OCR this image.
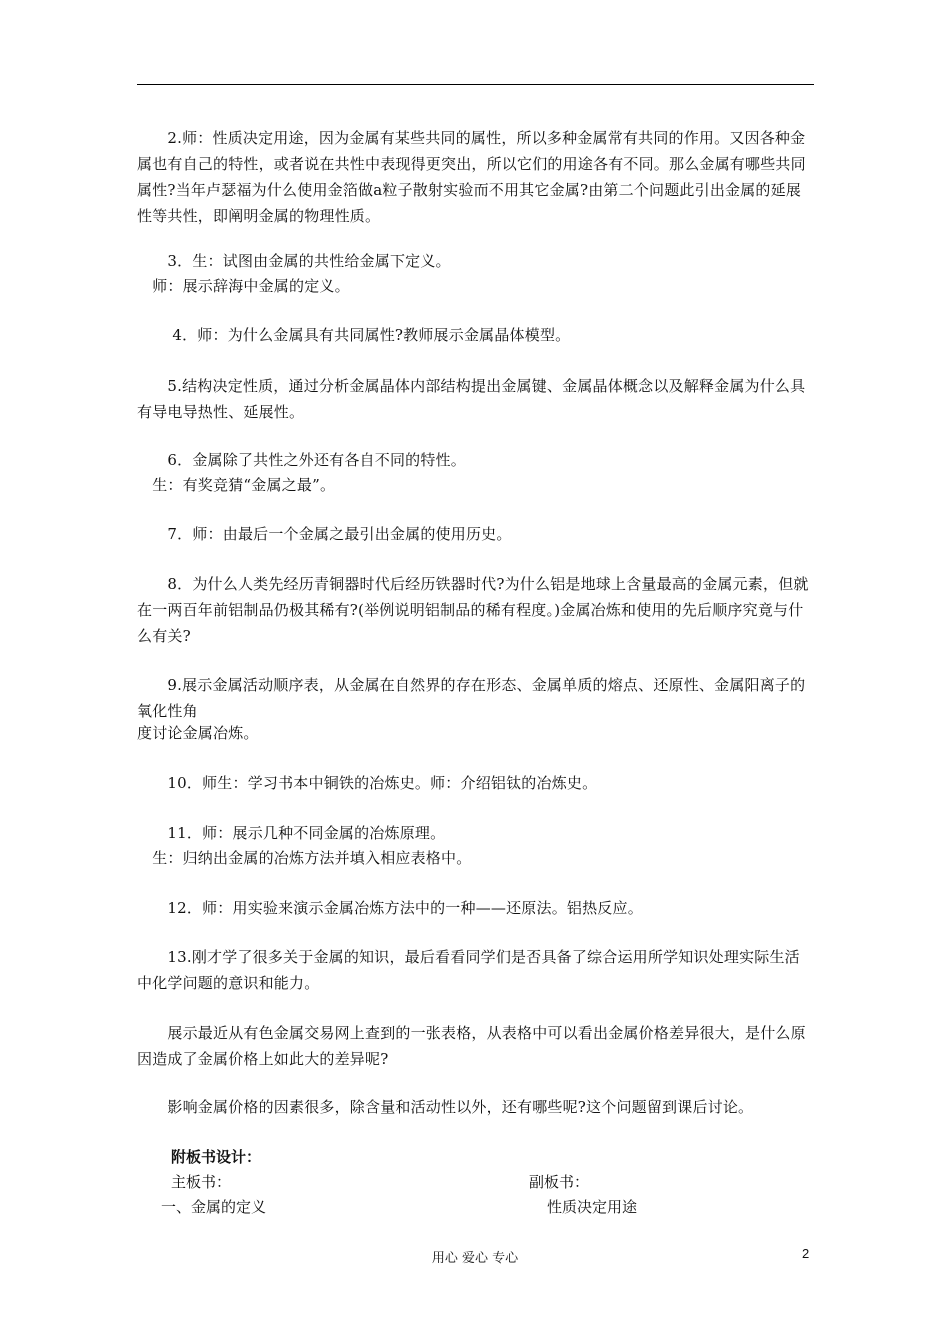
　　2.师：性质决定用途，因为金属有某些共同的属性，所以多种金属常有共同的作用。又因各种金属也有自己的特性，或者说在共性中表现得更突出，所以它们的用途各有不同。那么金属有哪些共同属性?当年卢瑟福为什么使用金箔做a粒子散射实验而不用其它金属?由第二个问题此引出金属的延展性等共性，即阐明金属的物理性质。
　　3．生：试图由金属的共性给金属下定义。
　师：展示辞海中金属的定义。
　　 4．师：为什么金属具有共同属性?教师展示金属晶体模型。
　　5.结构决定性质，通过分析金属晶体内部结构提出金属键、金属晶体概念以及解释金属为什么具有导电导热性、延展性。
　　6．金属除了共性之外还有各自不同的特性。
　生：有奖竞猜“金属之最”。
　　7．师：由最后一个金属之最引出金属的使用历史。
　　8．为什么人类先经历青铜器时代后经历铁器时代?为什么铝是地球上含量最高的金属元素，但就在一两百年前铝制品仍极其稀有?(举例说明铝制品的稀有程度。)金属冶炼和使用的先后顺序究竟与什么有关?
　　9.展示金属活动顺序表，从金属在自然界的存在形态、金属单质的熔点、还原性、金属阳离子的氧化性角
度讨论金属冶炼。
　　10．师生：学习书本中铜铁的冶炼史。师：介绍铝钛的冶炼史。
　　11．师：展示几种不同金属的冶炼原理。
　生：归纳出金属的冶炼方法并填入相应表格中。
　　12．师：用实验来演示金属冶炼方法中的一种——还原法。铝热反应。
　　13.刚才学了很多关于金属的知识，最后看看同学们是否具备了综合运用所学知识处理实际生活中化学问题的意识和能力。
　　展示最近从有色金属交易网上查到的一张表格，从表格中可以看出金属价格差异很大，是什么原因造成了金属价格上如此大的差异呢?
　　影响金属价格的因素很多，除含量和活动性以外，还有哪些呢?这个问题留到课后讨论。
附板书设计：
主板书：	副板书：
一、金属的定义	性质决定用途
用心 爱心 专心	2
